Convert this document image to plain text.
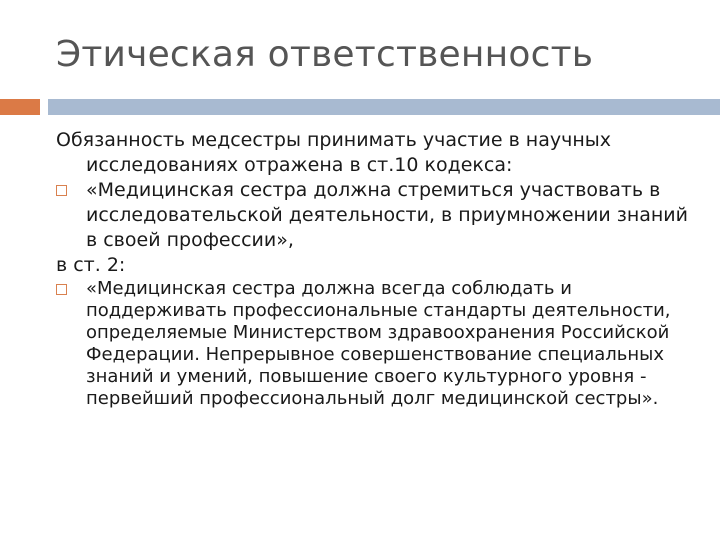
Этическая ответственность

Обязанность медсестры принимать участие в научных исследованиях отражена в ст.10 кодекса:

«Медицинская сестра должна стремиться участвовать в исследовательской деятельности, в приумножении знаний в своей профессии»,

в ст. 2:

«Медицинская сестра должна всегда соблюдать и поддерживать профессиональные стандарты деятельности, определяемые Министерством здравоохранения Российской Федерации. Непрерывное совершенствование специальных знаний и умений, повышение своего культурного уровня - первейший профессиональный долг медицинской сестры».
